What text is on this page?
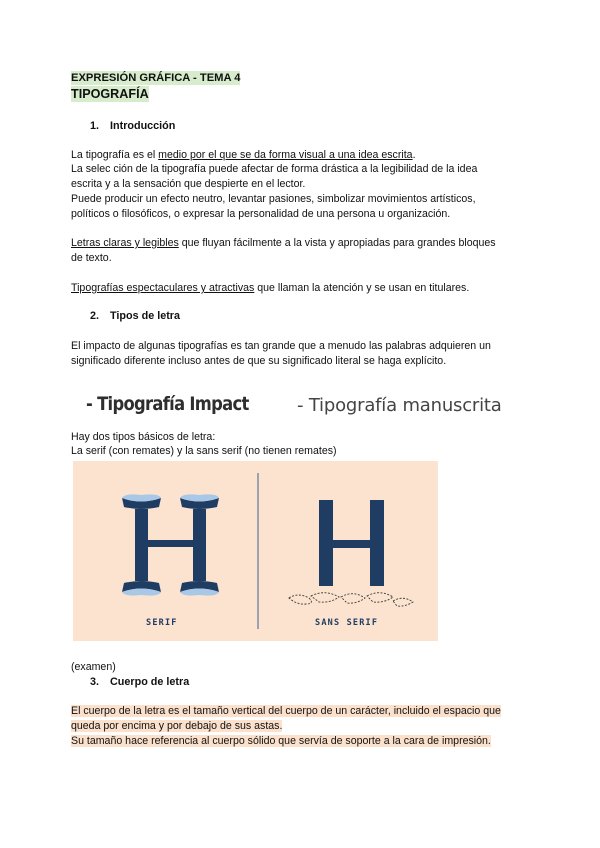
EXPRESIÓN GRÁFICA - TEMA 4
TIPOGRAFÍA
1. Introducción
La tipografía es el medio por el que se da forma visual a una idea escrita.
La selec ción de la tipografía puede afectar de forma drástica a la legibilidad de la idea
escrita y a la sensación que despierte en el lector.
Puede producir un efecto neutro, levantar pasiones, simbolizar movimientos artísticos,
políticos o filosóficos, o expresar la personalidad de una persona u organización.
Letras claras y legibles que fluyan fácilmente a la vista y apropiadas para grandes bloques
de texto.
Tipografías espectaculares y atractivas que llaman la atención y se usan en titulares.
2. Tipos de letra
El impacto de algunas tipografías es tan grande que a menudo las palabras adquieren un
significado diferente incluso antes de que su significado literal se haga explícito.
- Tipografía Impact	- Tipografía manuscrita
Hay dos tipos básicos de letra:
La serif (con remates) y la sans serif (no tienen remates)
SERIF	SANS SERIF
(examen)
3. Cuerpo de letra
El cuerpo de la letra es el tamaño vertical del cuerpo de un carácter, incluido el espacio que
queda por encima y por debajo de sus astas.
Su tamaño hace referencia al cuerpo sólido que servía de soporte a la cara de impresión.
